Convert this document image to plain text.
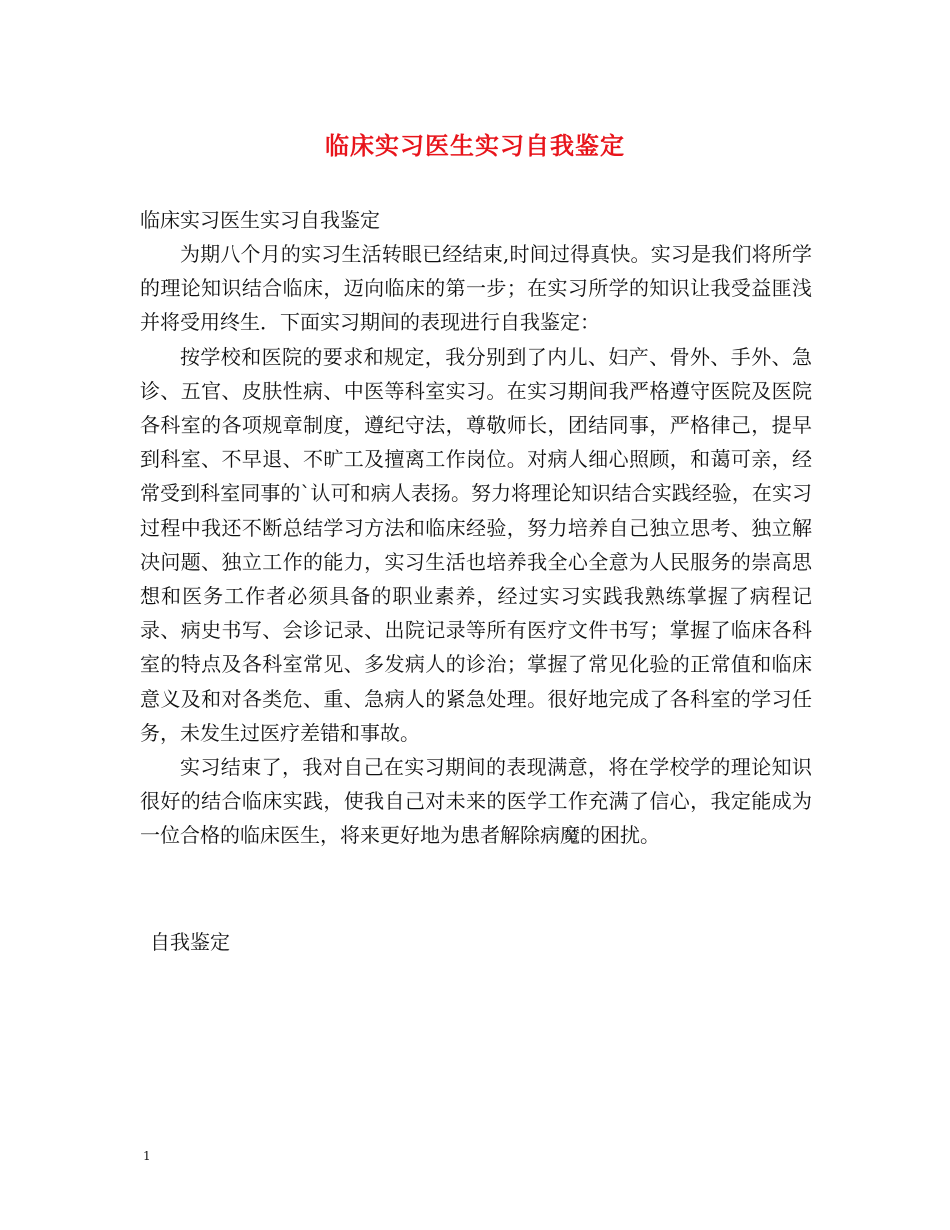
临床实习医生实习自我鉴定
临床实习医生实习自我鉴定

为期八个月的实习生活转眼已经结束,时间过得真快。实习是我们将所学的理论知识结合临床，迈向临床的第一步；在实习所学的知识让我受益匪浅并将受用终生．下面实习期间的表现进行自我鉴定：

按学校和医院的要求和规定，我分别到了内儿、妇产、骨外、手外、急诊、五官、皮肤性病、中医等科室实习。在实习期间我严格遵守医院及医院各科室的各项规章制度，遵纪守法，尊敬师长，团结同事，严格律己，提早到科室、不早退、不旷工及擅离工作岗位。对病人细心照顾，和蔼可亲，经常受到科室同事的`认可和病人表扬。努力将理论知识结合实践经验，在实习过程中我还不断总结学习方法和临床经验，努力培养自己独立思考、独立解决问题、独立工作的能力，实习生活也培养我全心全意为人民服务的崇高思想和医务工作者必须具备的职业素养，经过实习实践我熟练掌握了病程记录、病史书写、会诊记录、出院记录等所有医疗文件书写；掌握了临床各科室的特点及各科室常见、多发病人的诊治；掌握了常见化验的正常值和临床意义及和对各类危、重、急病人的紧急处理。很好地完成了各科室的学习任务，未发生过医疗差错和事故。

实习结束了，我对自己在实习期间的表现满意，将在学校学的理论知识很好的结合临床实践，使我自己对未来的医学工作充满了信心，我定能成为一位合格的临床医生，将来更好地为患者解除病魔的困扰。

自我鉴定
1
